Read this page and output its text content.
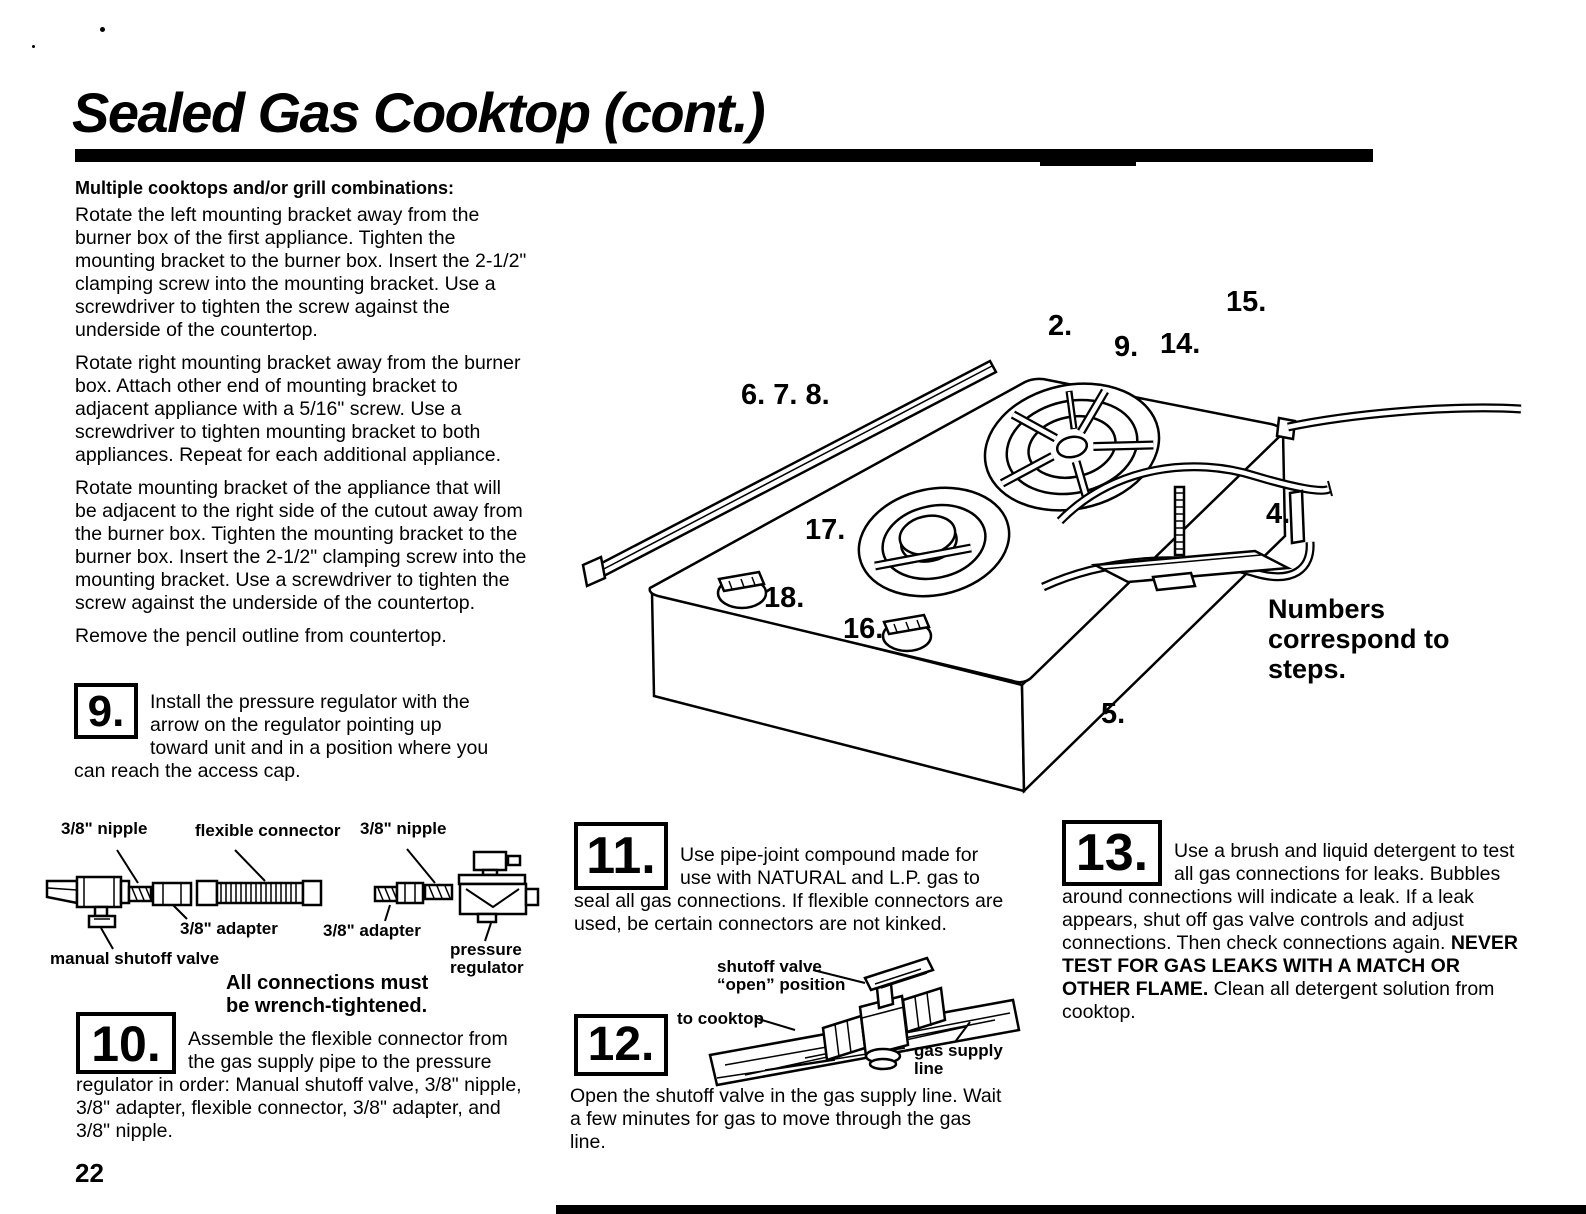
Sealed Gas Cooktop (cont.)
Multiple cooktops and/or grill combinations:

Rotate the left mounting bracket away from the burner box of the first appliance. Tighten the mounting bracket to the burner box. Insert the 2-1/2" clamping screw into the mounting bracket. Use a screwdriver to tighten the screw against the underside of the countertop.

Rotate right mounting bracket away from the burner box. Attach other end of mounting bracket to adjacent appliance with a 5/16" screw. Use a screwdriver to tighten mounting bracket to both appliances. Repeat for each additional appliance.

Rotate mounting bracket of the appliance that will be adjacent to the right side of the cutout away from the burner box. Tighten the mounting bracket to the burner box. Insert the 2-1/2" clamping screw into the mounting bracket. Use a screwdriver to tighten the screw against the underside of the countertop.

Remove the pencil outline from countertop.

6. 7. 8.
2.
9. 14.
15.
17.
18.
16.
4.
5.
Numbers correspond to steps.
9.	Install the pressure regulator with the arrow on the regulator pointing up toward unit and in a position where you can reach the access cap.
3/8" nipple	flexible connector 3/8" nipple
3/8" adapter	3/8" adapter
manual shutoff valve	pressure
regulator
All connections must
be wrench-tightened.
10.	Assemble the flexible connector from the gas supply pipe to the pressure regulator in order: Manual shutoff valve, 3/8" nipple, 3/8" adapter, flexible connector, 3/8" adapter, and 3/8" nipple.
22
11.	Use pipe-joint compound made for use with NATURAL and L.P. gas to seal all gas connections. If flexible connectors are used, be certain connectors are not kinked.
shutoff valve
“open” position
to cooktop
gas supply
line
12.
Open the shutoff valve in the gas supply line. Wait a few minutes for gas to move through the gas line.
13.	Use a brush and liquid detergent to test all gas connections for leaks. Bubbles around connections will indicate a leak. If a leak appears, shut off gas valve controls and adjust connections. Then check connections again. NEVER TEST FOR GAS LEAKS WITH A MATCH OR OTHER FLAME. Clean all detergent solution from cooktop.
